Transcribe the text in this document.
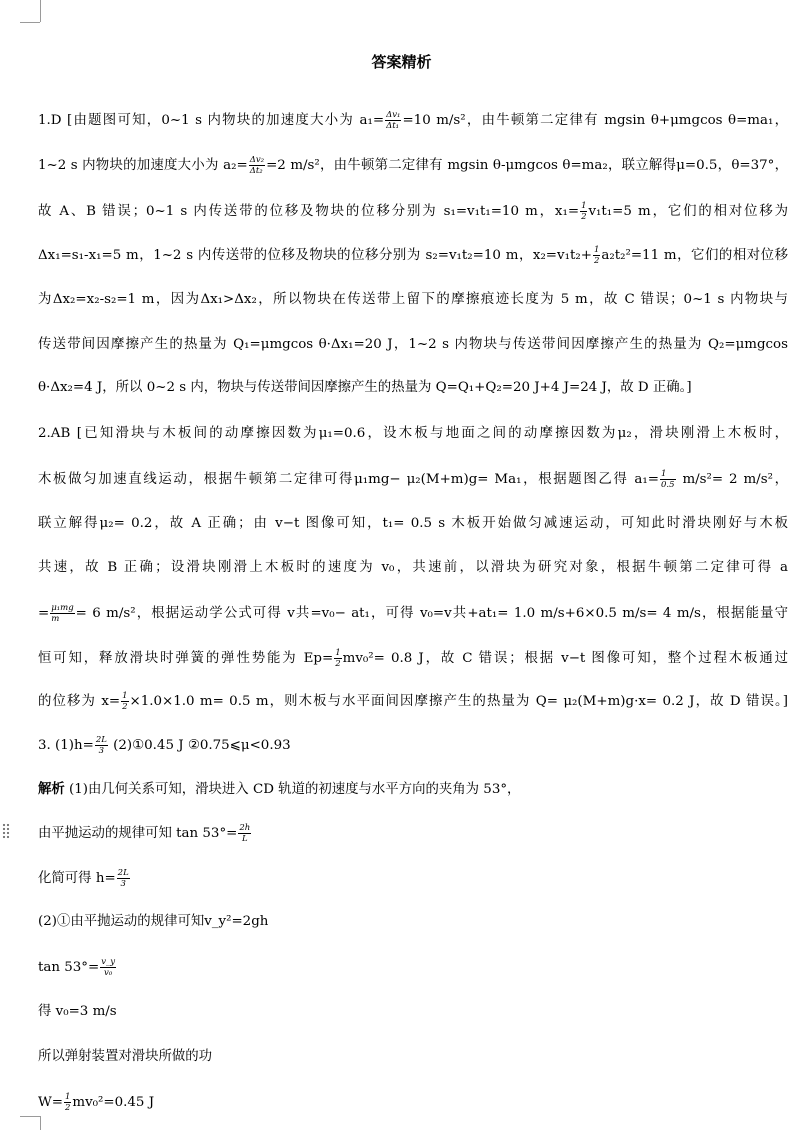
答案精析
1.D [由题图可知，0~1 s 内物块的加速度大小为 $a_1= \frac{\text{Δv₁}}{\text{Δt₁}} =10$ m/s²，由牛顿第二定律有 mgsin θ+μmgcos θ=ma₁，
1~2 s 内物块的加速度大小为 $a_2= \frac{\text{Δv₂}}{\text{Δt₂}} =2$ m/s²，由牛顿第二定律有 mgsin θ-μmgcos θ=ma₂，联立解得μ=0.5，θ=37°，
故 A、B 错误；0~1 s 内传送带的位移及物块的位移分别为 s₁=v₁t₁=10 m，$x_1= \frac{1}{2} v_1t_1=5$ m，它们的相对位移为
Δx₁=s₁-x₁=5 m，1~2 s 内传送带的位移及物块的位移分别为 s₂=v₁t₂=10 m，$x_2=v_1t_2+ \frac{1}{2} a_2t_2^2=11$ m，它们的相对位移
为Δx₂=x₂-s₂=1 m，因为Δx₁>Δx₂，所以物块在传送带上留下的摩擦痕迹长度为 5 m，故 C 错误；0~1 s 内物块与
传送带间因摩擦产生的热量为 Q₁=μmgcos θ·Δx₁=20 J，1~2 s 内物块与传送带间因摩擦产生的热量为 Q₂=μmgcos
θ·Δx₂=4 J，所以 0~2 s 内，物块与传送带间因摩擦产生的热量为 Q=Q₁+Q₂=20 J+4 J=24 J，故 D 正确。]
2.AB [已知滑块与木板间的动摩擦因数为μ₁=0.6，设木板与地面之间的动摩擦因数为μ₂，滑块刚滑上木板时，
木板做匀加速直线运动，根据牛顿第二定律可得μ₁mg− μ₂(M+m)g= Ma₁，根据题图乙得 $a_1= \frac{1}{0.5} m/s^2= 2$ m/s²，
联立解得μ₂= 0.2，故 A 正确；由 v−t 图像可知，t₁= 0.5 s 木板开始做匀减速运动，可知此时滑块刚好与木板
共速，故 B 正确；设滑块刚滑上木板时的速度为 v₀，共速前，以滑块为研究对象，根据牛顿第二定律可得 a
= $\frac{\text{μ₁mg}}{m} = 6$ m/s²，根据运动学公式可得 v共=v₀− at₁，可得 v₀=v共+at₁= 1.0 m/s+6×0.5 m/s= 4 m/s，根据能量守
恒可知，释放滑块时弹簧的弹性势能为 $Ep= \frac{1}{2} mv_0^2= 0.8$ J，故 C 错误；根据 v−t 图像可知，整个过程木板通过
的位移为 $x= \frac{1}{2} \times 1.0\times 1.0$ m= 0.5 m，则木板与水平面间因摩擦产生的热量为 Q= μ₂(M+m)g·x= 0.2 J，故 D 错误。]
3. $(1)h= \frac{2L}{3}$ (2)①0.45 J ②0.75⩽μ<0.93
解析 (1)由几何关系可知，滑块进入 CD 轨道的初速度与水平方向的夹角为 53°，
由平抛运动的规律可知 $\tan 53^\circ= \frac{2h}{L}$
化简可得 $h= \frac{2L}{3}$
(2)①由平抛运动的规律可知v_y²=2gh
$\tan 53^\circ= \frac{v\_y}{\text{v₀}}$
得 v₀=3 m/s
所以弹射装置对滑块所做的功
$W= \frac{1}{2} mv_0^2=0.45$ J
